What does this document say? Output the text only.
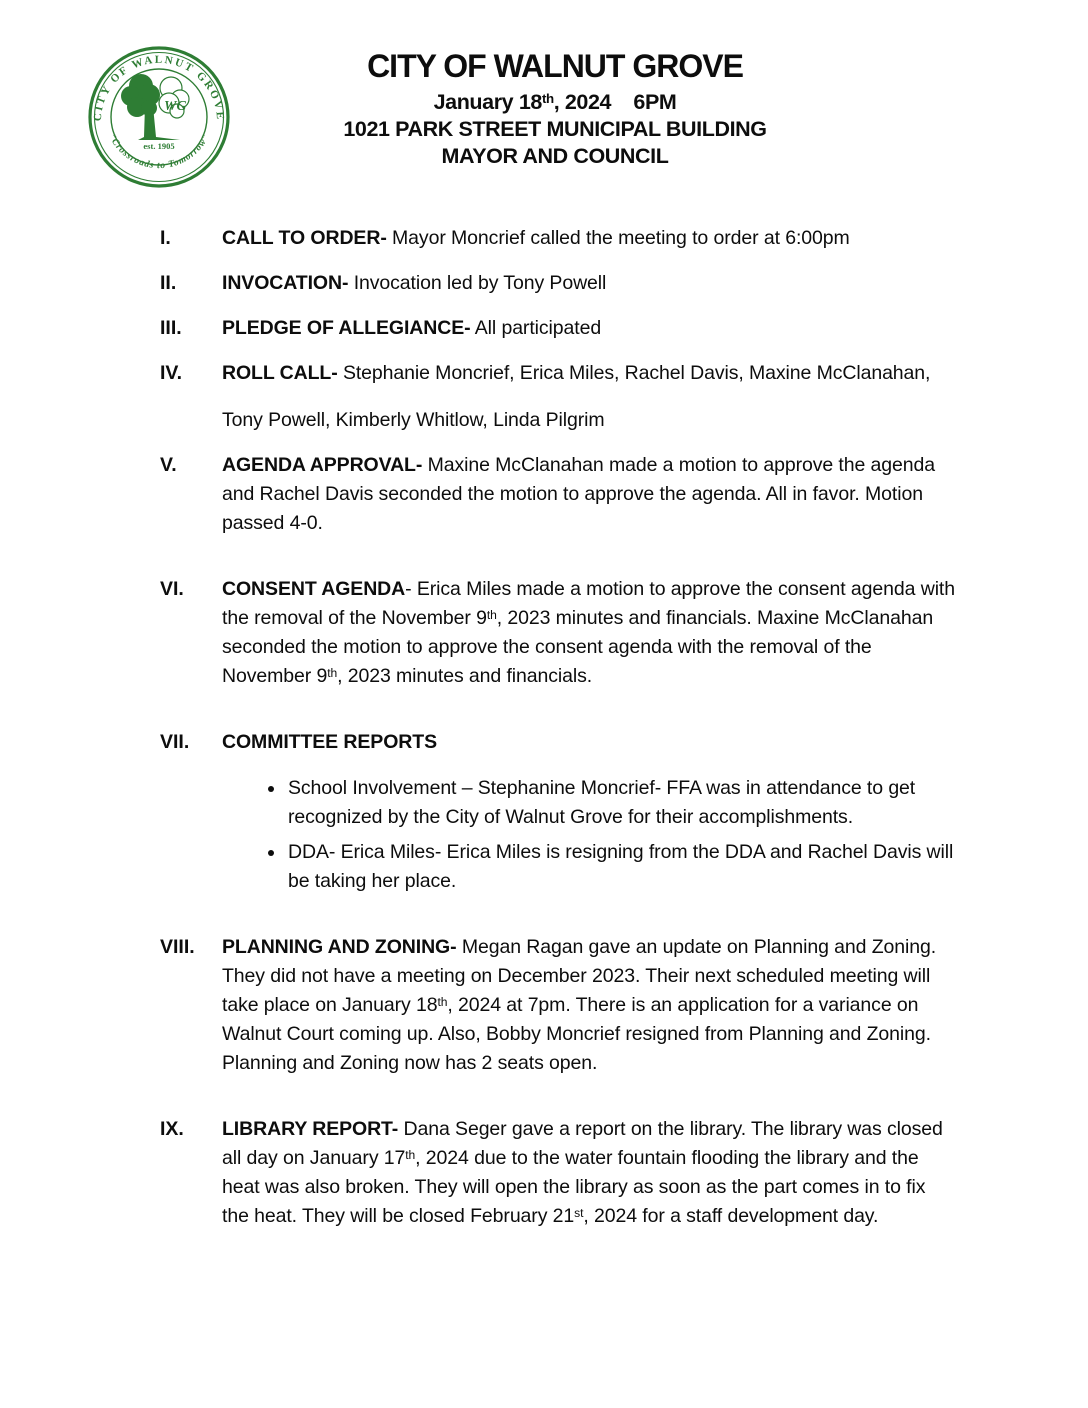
CITY OF WALNUT GROVE
WG
est. 1905
"Crossroads to Tomorrow"
CITY OF WALNUT GROVE
January 18th, 2024    6PM
1021 PARK STREET MUNICIPAL BUILDING
MAYOR AND COUNCIL
I.	CALL TO ORDER- Mayor Moncrief called the meeting to order at 6:00pm

II.	INVOCATION- Invocation led by Tony Powell

III.	PLEDGE OF ALLEGIANCE- All participated

IV.	ROLL CALL- Stephanie Moncrief, Erica Miles, Rachel Davis, Maxine McClanahan,

Tony Powell, Kimberly Whitlow, Linda Pilgrim

V.	AGENDA APPROVAL- Maxine McClanahan made a motion to approve the agenda and Rachel Davis seconded the motion to approve the agenda. All in favor. Motion passed 4-0.

VI.	CONSENT AGENDA- Erica Miles made a motion to approve the consent agenda with the removal of the November 9th, 2023 minutes and financials. Maxine McClanahan seconded the motion to approve the consent agenda with the removal of the November 9th, 2023 minutes and financials.

VII.	COMMITTEE REPORTS

• School Involvement – Stephanine Moncrief- FFA was in attendance to get recognized by the City of Walnut Grove for their accomplishments.
• DDA- Erica Miles- Erica Miles is resigning from the DDA and Rachel Davis will be taking her place.
VIII.	PLANNING AND ZONING- Megan Ragan gave an update on Planning and Zoning. They did not have a meeting on December 2023. Their next scheduled meeting will take place on January 18th, 2024 at 7pm. There is an application for a variance on Walnut Court coming up. Also, Bobby Moncrief resigned from Planning and Zoning. Planning and Zoning now has 2 seats open.

IX.	LIBRARY REPORT- Dana Seger gave a report on the library. The library was closed all day on January 17th, 2024 due to the water fountain flooding the library and the heat was also broken. They will open the library as soon as the part comes in to fix the heat. They will be closed February 21st, 2024 for a staff development day.
